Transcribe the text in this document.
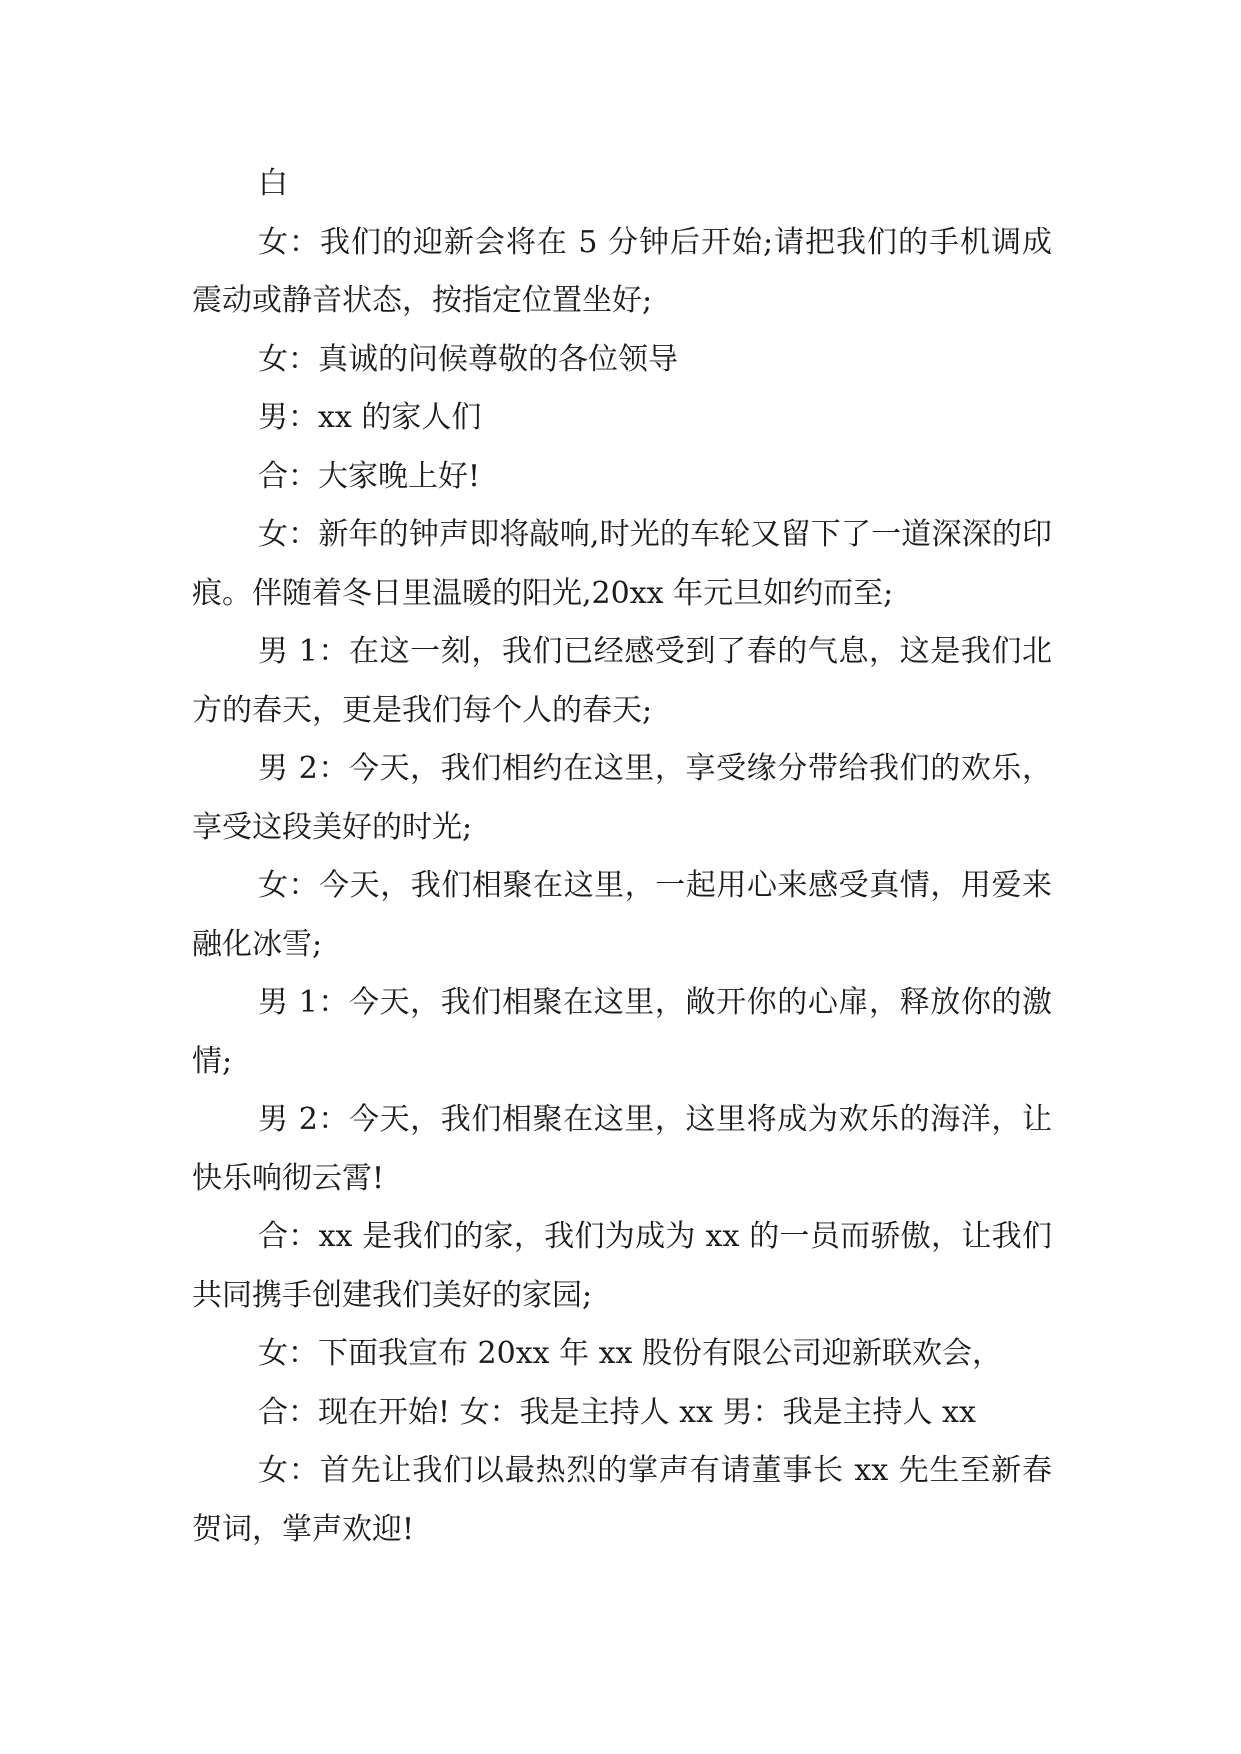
白

女：我们的迎新会将在 5 分钟后开始;请把我们的手机调成震动或静音状态，按指定位置坐好;

女：真诚的问候尊敬的各位领导

男：xx 的家人们

合：大家晚上好!

女：新年的钟声即将敲响,时光的车轮又留下了一道深深的印痕。伴随着冬日里温暖的阳光,20xx 年元旦如约而至;

男 1：在这一刻，我们已经感受到了春的气息，这是我们北方的春天，更是我们每个人的春天;

男 2：今天，我们相约在这里，享受缘分带给我们的欢乐，享受这段美好的时光;

女：今天，我们相聚在这里，一起用心来感受真情，用爱来融化冰雪;

男 1：今天，我们相聚在这里，敞开你的心扉，释放你的激情;

男 2：今天，我们相聚在这里，这里将成为欢乐的海洋，让快乐响彻云霄!

合：xx 是我们的家，我们为成为 xx 的一员而骄傲，让我们共同携手创建我们美好的家园;

女：下面我宣布 20xx 年 xx 股份有限公司迎新联欢会，

合：现在开始! 女：我是主持人 xx 男：我是主持人 xx

女：首先让我们以最热烈的掌声有请董事长 xx 先生至新春贺词，掌声欢迎!
